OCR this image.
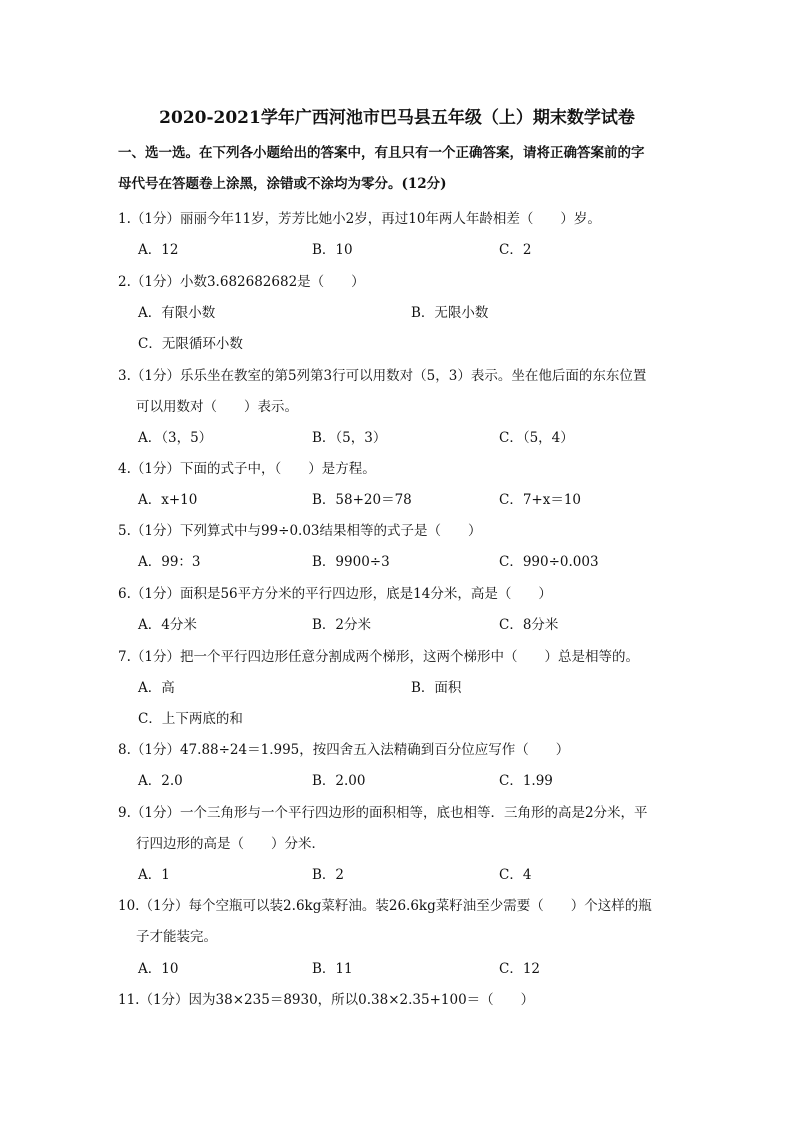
2020-2021学年广西河池市巴马县五年级（上）期末数学试卷
一、选一选。在下列各小题给出的答案中，有且只有一个正确答案，请将正确答案前的字
母代号在答题卷上涂黑，涂错或不涂均为零分。(12分)
1.（1分）丽丽今年11岁，芳芳比她小2岁，再过10年两人年龄相差（　　）岁。
A．12	B．10	C．2
2.（1分）小数3.682682682是（　　）
A．有限小数	B．无限小数
C．无限循环小数
3.（1分）乐乐坐在教室的第5列第3行可以用数对（5，3）表示。坐在他后面的东东位置
可以用数对（　　）表示。
A．（3，5）	B．（5，3）	C．（5，4）
4.（1分）下面的式子中，（　　）是方程。
A．x+10	B．58+20＝78	C．7+x＝10
5.（1分）下列算式中与99÷0.03结果相等的式子是（　　）
A．99：3	B．9900÷3	C．990÷0.003
6.（1分）面积是56平方分米的平行四边形，底是14分米，高是（　　）
A．4分米	B．2分米	C．8分米
7.（1分）把一个平行四边形任意分割成两个梯形，这两个梯形中（　　）总是相等的。
A．高	B．面积
C．上下两底的和
8.（1分）47.88÷24＝1.995，按四舍五入法精确到百分位应写作（　　）
A．2.0	B．2.00	C．1.99
9.（1分）一个三角形与一个平行四边形的面积相等，底也相等．三角形的高是2分米，平
行四边形的高是（　　）分米．
A．1	B．2	C．4
10.（1分）每个空瓶可以装2.6kg菜籽油。装26.6kg菜籽油至少需要（　　）个这样的瓶
子才能装完。
A．10	B．11	C．12
11.（1分）因为38×235＝8930，所以0.38×2.35+100＝（　　）
